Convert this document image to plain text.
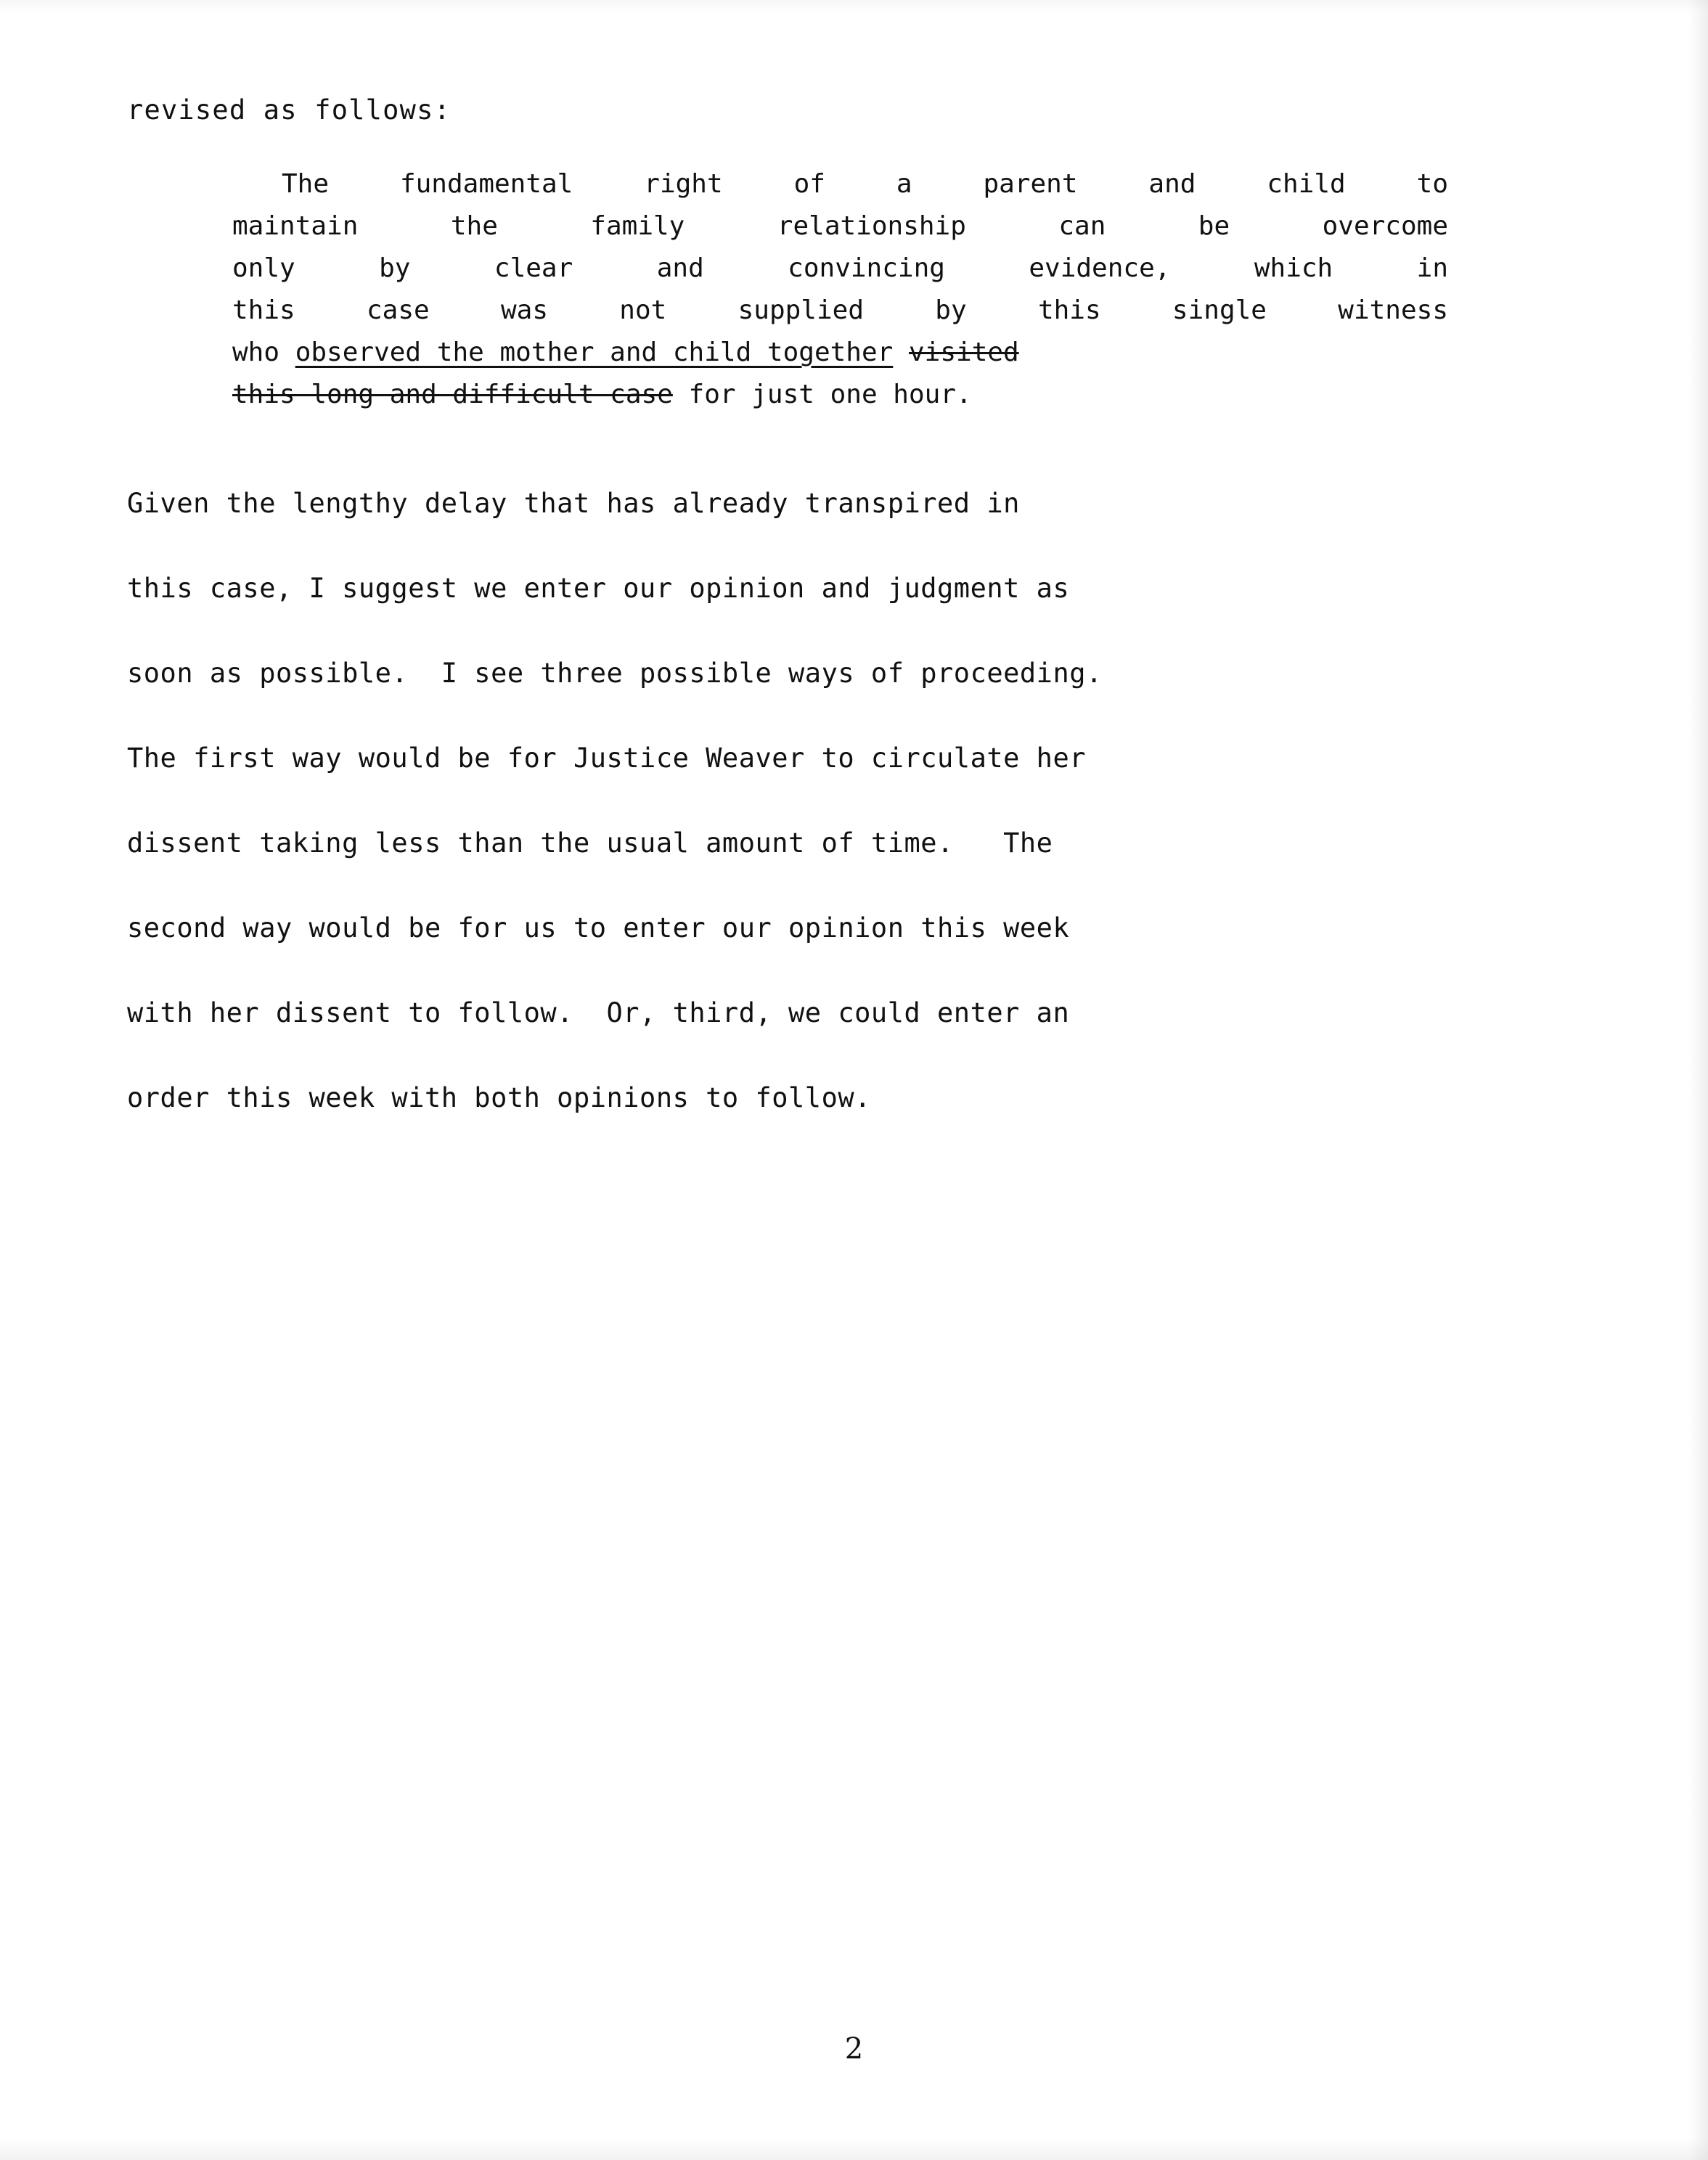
revised as follows:

The fundamental right of a parent and child to
maintain the family relationship can be overcome
only by clear and convincing evidence, which in
this case was not supplied by this single witness
who observed the mother and child together visited
this long and difficult case for just one hour.
Given the lengthy delay that has already transpired in
this case, I suggest we enter our opinion and judgment as
soon as possible.  I see three possible ways of proceeding.
The first way would be for Justice Weaver to circulate her
dissent taking less than the usual amount of time.   The
second way would be for us to enter our opinion this week
with her dissent to follow.  Or, third, we could enter an
order this week with both opinions to follow.
2
